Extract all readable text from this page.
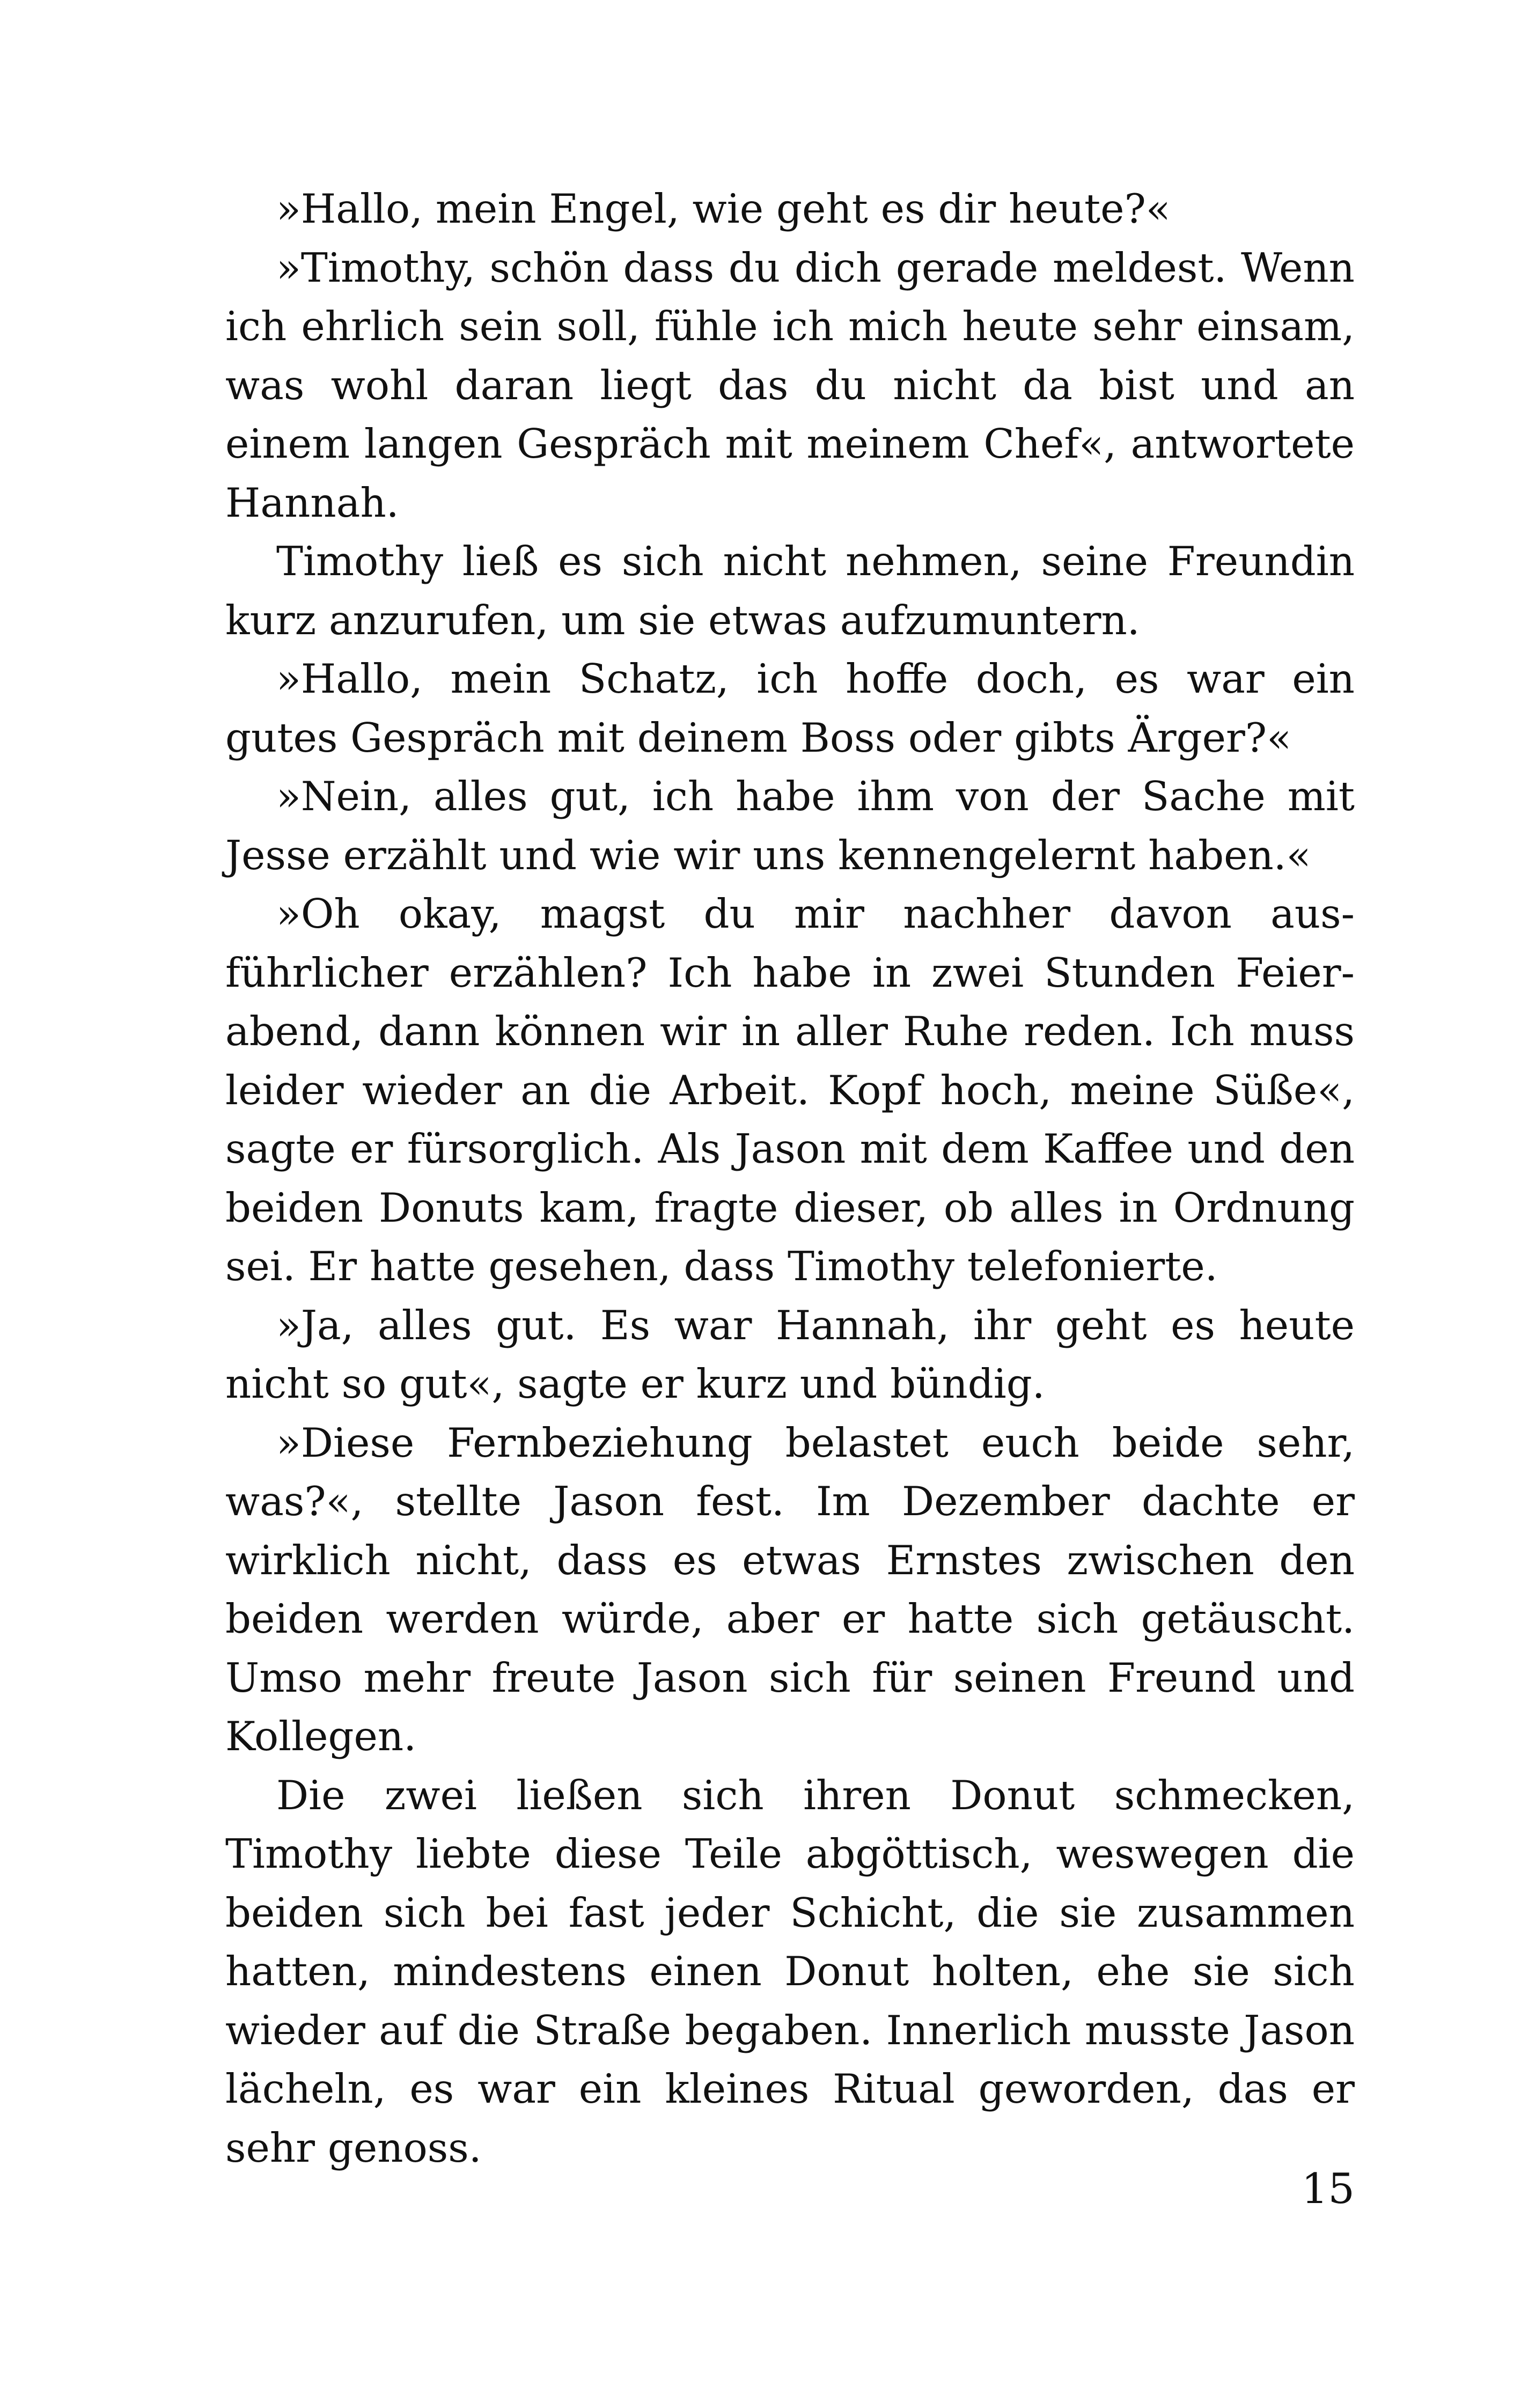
»Hallo, mein Engel, wie geht es dir heute?«

»Timothy, schön dass du dich gerade meldest. Wenn ich ehrlich sein soll, fühle ich mich heute sehr einsam, was wohl daran liegt das du nicht da bist und an einem langen Gespräch mit meinem Chef«, antwortete Hannah.

Timothy ließ es sich nicht nehmen, seine Freundin kurz anzurufen, um sie etwas aufzumuntern.

»Hallo, mein Schatz, ich hoffe doch, es war ein gutes Gespräch mit deinem Boss oder gibts Ärger?«

»Nein, alles gut, ich habe ihm von der Sache mit Jesse erzählt und wie wir uns kennengelernt haben.«

»Oh okay, magst du mir nachher davon ausführlicher erzählen? Ich habe in zwei Stunden Feierabend, dann können wir in aller Ruhe reden. Ich muss leider wieder an die Arbeit. Kopf hoch, meine Süße«, sagte er fürsorglich. Als Jason mit dem Kaffee und den beiden Donuts kam, fragte dieser, ob alles in Ordnung sei. Er hatte gesehen, dass Timothy telefonierte.

»Ja, alles gut. Es war Hannah, ihr geht es heute nicht so gut«, sagte er kurz und bündig.

»Diese Fernbeziehung belastet euch beide sehr, was?«, stellte Jason fest. Im Dezember dachte er wirklich nicht, dass es etwas Ernstes zwischen den beiden werden würde, aber er hatte sich getäuscht. Umso mehr freute Jason sich für seinen Freund und Kollegen.

Die zwei ließen sich ihren Donut schmecken, Timothy liebte diese Teile abgöttisch, weswegen die beiden sich bei fast jeder Schicht, die sie zusammen hatten, mindestens einen Donut holten, ehe sie sich wieder auf die Straße begaben. Innerlich musste Jason lächeln, es war ein kleines Ritual geworden, das er sehr genoss.

15
